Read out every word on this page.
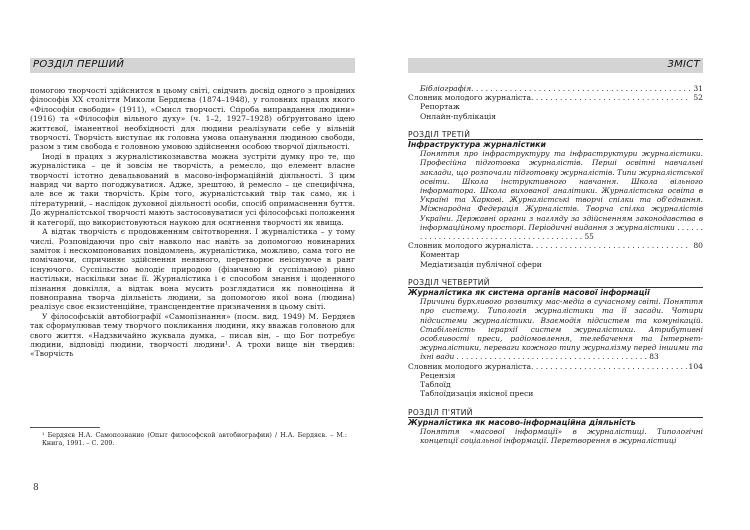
РОЗДІЛ ПЕРШИЙ

помогою творчості здійснится в цьому світі, свідчить досвід одного з провідних філософів XX століття Миколи Бердяєва (1874–1948), у головних працях якого «Філософія свободи» (1911), «Смисл творчості. Спроба виправдання людини» (1916) та «Філософія вільного духу» (ч. 1–2, 1927–1928) обґрунтовано ідею життєвої, іманентної необхідності для людини реалізувати себе у вільній творчості. Творчість виступає як головна умова опанування людиною свободи, разом з тим свобода є головною умовою здійснення особою творчої діяльності.

Іноді в працях з журналістикознавства можна зустріти думку про те, що журналістика – це й зовсім не творчість, а ремесло, що елемент власне творчості істотно девальвований в масово-інформаційній діяльності. З цим навряд чи варто погоджуватися. Адже, зрештою, й ремесло – це специфічна, але все ж таки творчість. Крім того, журналістський твір так само, як і літературний, – наслідок духовної діяльності особи, спосіб опримаснення буття. До журналістської творчості мають застосовуватися усі філософські положення й категорії, що використовуються наукою для осягнення творчості як явища.

А відтак творчість є продовженням світотворення. І журналістика – у тому числі. Розповідаючи про світ навколо нас навіть за допомогою новинарних заміток і нескомпонованих повідомлень, журналістика, можливо, сама того не помічаючи, спричиняє здійснення неявного, перетворює неіснуюче в ранг існуючого. Суспільство володіє природою (фізичною й суспільною) рівно настільки, наскільки знає її. Журналістика і є способом знання і щоденного пізнання довкілля, а відтак вона мусить розглядатися як повноцінна й повноправна творча діяльність людини, за допомогою якої вона (людина) реалізує своє екзистенційне, трансцендентне призначення в цьому світі.

У філософській автобіографії «Самопізнання» (посм. вид. 1949) М. Бердяєв так сформулював тему творчого покликання людини, яку вважав головною для свого життя. «Надзвичайно жуквала думка, – писав він, – що Бог потребує людини, відповіді людини, творчості людини¹. А трохи вище він твердив: «Творчість

¹ Бердяєв Н.А. Самопознание (Опыт философской автобиографии) / Н.А. Бердяєв. – М.: Книга, 1991. – С. 209.
8
ЗМІСТ
Бібліографія . . .	31
Словник молодого журналіста . . .	52
Репортаж
Онлайн-публікація
РОЗДІЛ ТРЕТІЙ
Інфраструктура журналістики
Поняття про інфраструктуру та інфраструктури журналістики. Професійна підготовка журналістів. Перші освітні навчальні заклади, що розпочали підготовку журналістів. Типи журналістської освіти. Школа інструктивного навчання. Школа вільного інформатора. Школа вихованої аналітики. Журналістська освіта в Україні та Харкові. Журналістські творчі спілки та об'єднання. Міжнародна Федерація Журналістів. Творча спілка журналістів України. Державні органи з нагляду за здійсненням законодавства в інформаційному просторі. Періодичні видання з журналістики . . . . . . . . . . . . . . . . . . . . . . . . . . . . . . . . . . . . . . . . . 55
Словник молодого журналіста . . .	80
Коментар
Медіатизація публічної сфери
РОЗДІЛ ЧЕТВЕРТИЙ
Журналістика як система органів масової інформації
Причини бурхливого розвитку мас-медіа в сучасному світі. Поняття про систему. Типологія журналістики та її засади. Чотири підсистеми журналістики. Взаємодія підсистем та комунікацій. Стабільність ієрархії систем журналістики. Атрибутивні особливості преси, радіомовлення, телебачення та Інтернет-журналістики, переваги кожного типу журналізму перед іншими та їхні вади . . . . . . . . . . . . . . . . . . . . . . . . . . . . . . . . . . . . . . . . . 83
Словник молодого журналіста . . .	104
Рецензія
Таблоїд
Таблоїдизація якісної преси
РОЗДІЛ П'ЯТИЙ
Журналістика як масово-інформаційна діяльність
Поняття «масової інформації» в журналістиці. Типологічні концепції соціальної інформації. Перетворення в журналістиці
